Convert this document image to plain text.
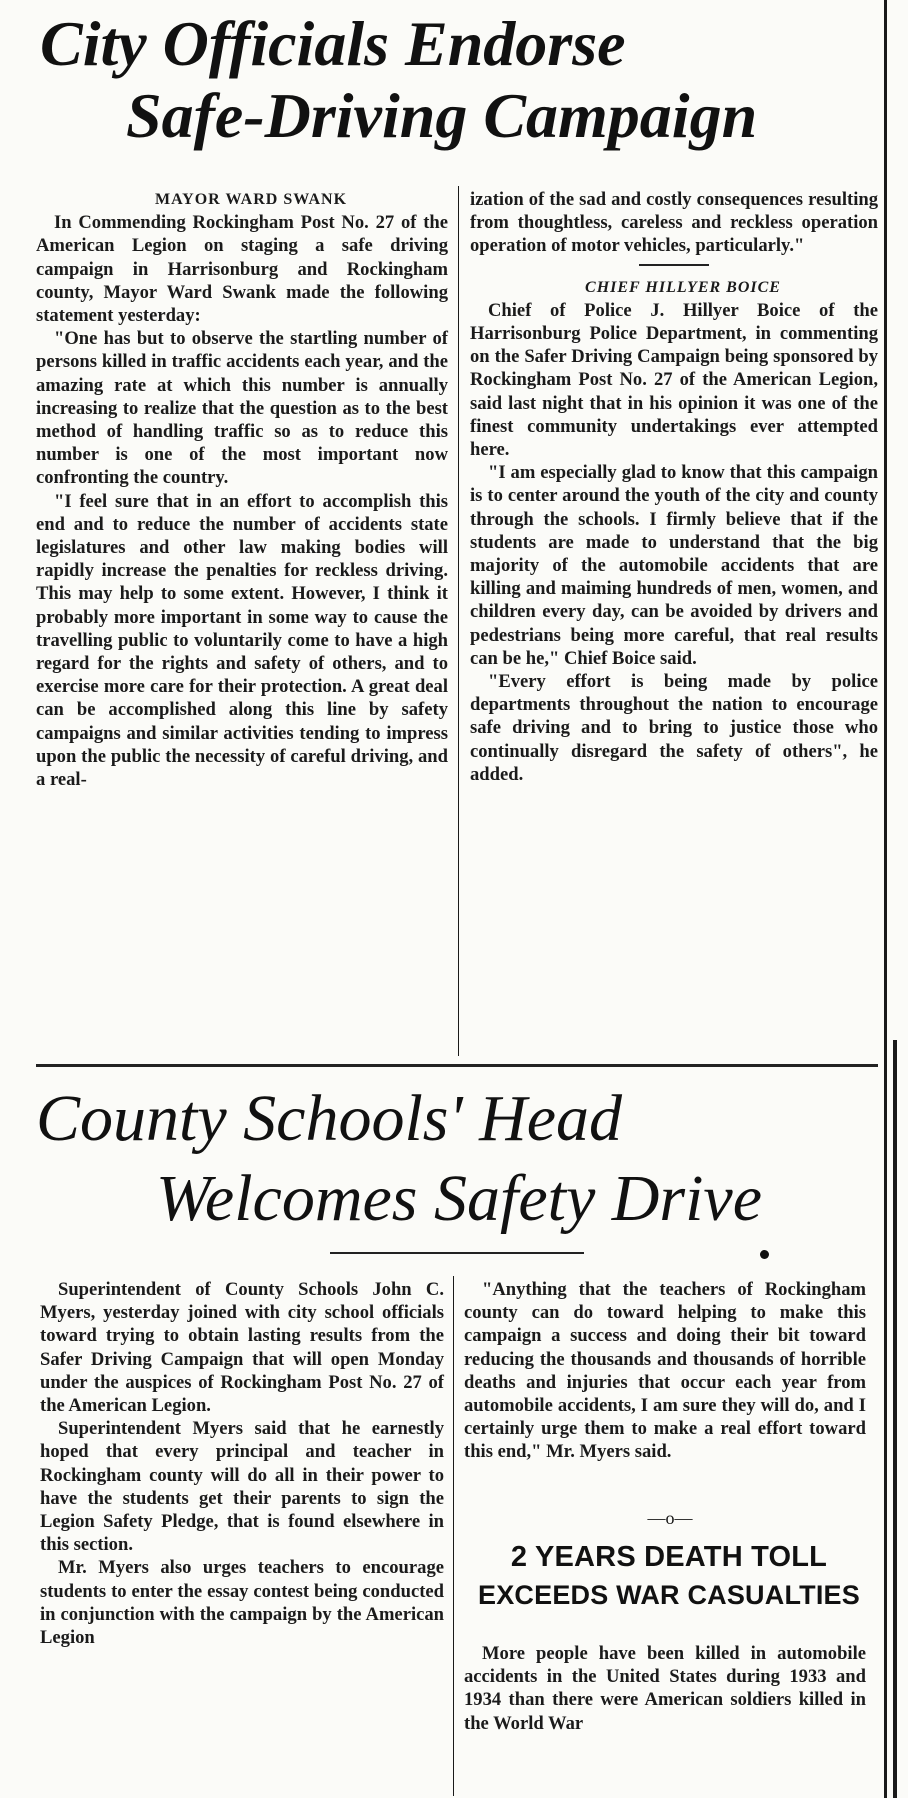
City Officials Endorse
Safe-Driving Campaign

MAYOR WARD SWANK

In Commending Rockingham Post No. 27 of the American Legion on staging a safe driving campaign in Harrisonburg and Rockingham county, Mayor Ward Swank made the following statement yesterday:

"One has but to observe the startling number of persons killed in traffic accidents each year, and the amazing rate at which this number is annually increasing to realize that the question as to the best method of handling traffic so as to reduce this number is one of the most important now confronting the country.

"I feel sure that in an effort to accomplish this end and to reduce the number of accidents state legislatures and other law making bodies will rapidly increase the penalties for reckless driving. This may help to some extent. However, I think it probably more important in some way to cause the travelling public to voluntarily come to have a high regard for the rights and safety of others, and to exercise more care for their protection. A great deal can be accomplished along this line by safety campaigns and similar activities tending to impress upon the public the necessity of careful driving, and a real-

ization of the sad and costly consequences resulting from thoughtless, careless and reckless operation operation of motor vehicles, particularly."

CHIEF HILLYER BOICE

Chief of Police J. Hillyer Boice of the Harrisonburg Police Department, in commenting on the Safer Driving Campaign being sponsored by Rockingham Post No. 27 of the American Legion, said last night that in his opinion it was one of the finest community undertakings ever attempted here.

"I am especially glad to know that this campaign is to center around the youth of the city and county through the schools. I firmly believe that if the students are made to understand that the big majority of the automobile accidents that are killing and maiming hundreds of men, women, and children every day, can be avoided by drivers and pedestrians being more careful, that real results can be he," Chief Boice said.

"Every effort is being made by police departments throughout the nation to encourage safe driving and to bring to justice those who continually disregard the safety of others", he added.

County Schools' Head
Welcomes Safety Drive

Superintendent of County Schools John C. Myers, yesterday joined with city school officials toward trying to obtain lasting results from the Safer Driving Campaign that will open Monday under the auspices of Rockingham Post No. 27 of the American Legion.

Superintendent Myers said that he earnestly hoped that every principal and teacher in Rockingham county will do all in their power to have the students get their parents to sign the Legion Safety Pledge, that is found elsewhere in this section.

Mr. Myers also urges teachers to encourage students to enter the essay contest being conducted in conjunction with the campaign by the American Legion

"Anything that the teachers of Rockingham county can do toward helping to make this campaign a success and doing their bit toward reducing the thousands and thousands of horrible deaths and injuries that occur each year from automobile accidents, I am sure they will do, and I certainly urge them to make a real effort toward this end," Mr. Myers said.

—o—
2 YEARS DEATH TOLL
EXCEEDS WAR CASUALTIES

More people have been killed in automobile accidents in the United States during 1933 and 1934 than there were American soldiers killed in the World War
